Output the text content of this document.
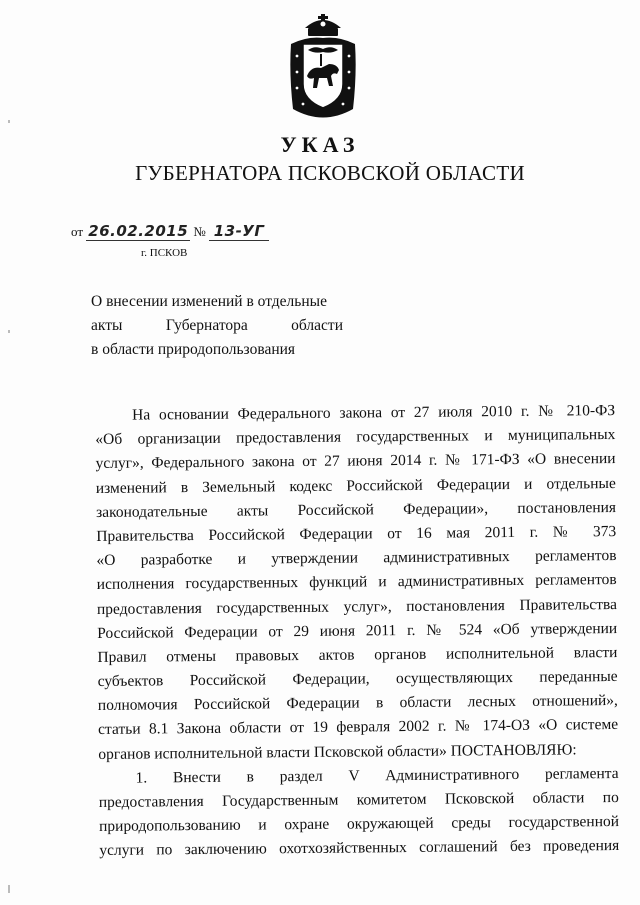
УКАЗ
ГУБЕРНАТОРА ПСКОВСКОЙ ОБЛАСТИ
от 26.02.2015 № 13-УГ
г. ПСКОВ
О внесении изменений в отдельные
акты	Губернатора	области
в области природопользования
На основании Федерального закона от 27 июля 2010 г. № 210-ФЗ
«Об организации предоставления государственных и муниципальных
услуг», Федерального закона от 27 июня 2014 г. № 171-ФЗ «О внесении
изменений в Земельный кодекс Российской Федерации и отдельные
законодательные акты Российской Федерации», постановления
Правительства Российской Федерации от 16 мая 2011 г. № 373
«О разработке и утверждении административных регламентов
исполнения государственных функций и административных регламентов
предоставления государственных услуг», постановления Правительства
Российской Федерации от 29 июня 2011 г. № 524 «Об утверждении
Правил отмены правовых актов органов исполнительной власти
субъектов Российской Федерации, осуществляющих переданные
полномочия Российской Федерации в области лесных отношений»,
статьи 8.1 Закона области от 19 февраля 2002 г. № 174-ОЗ «О системе
органов исполнительной власти Псковской области» ПОСТАНОВЛЯЮ:
1. Внести в раздел V Административного регламента
предоставления Государственным комитетом Псковской области по
природопользованию и охране окружающей среды государственной
услуги по заключению охотхозяйственных соглашений без проведения
